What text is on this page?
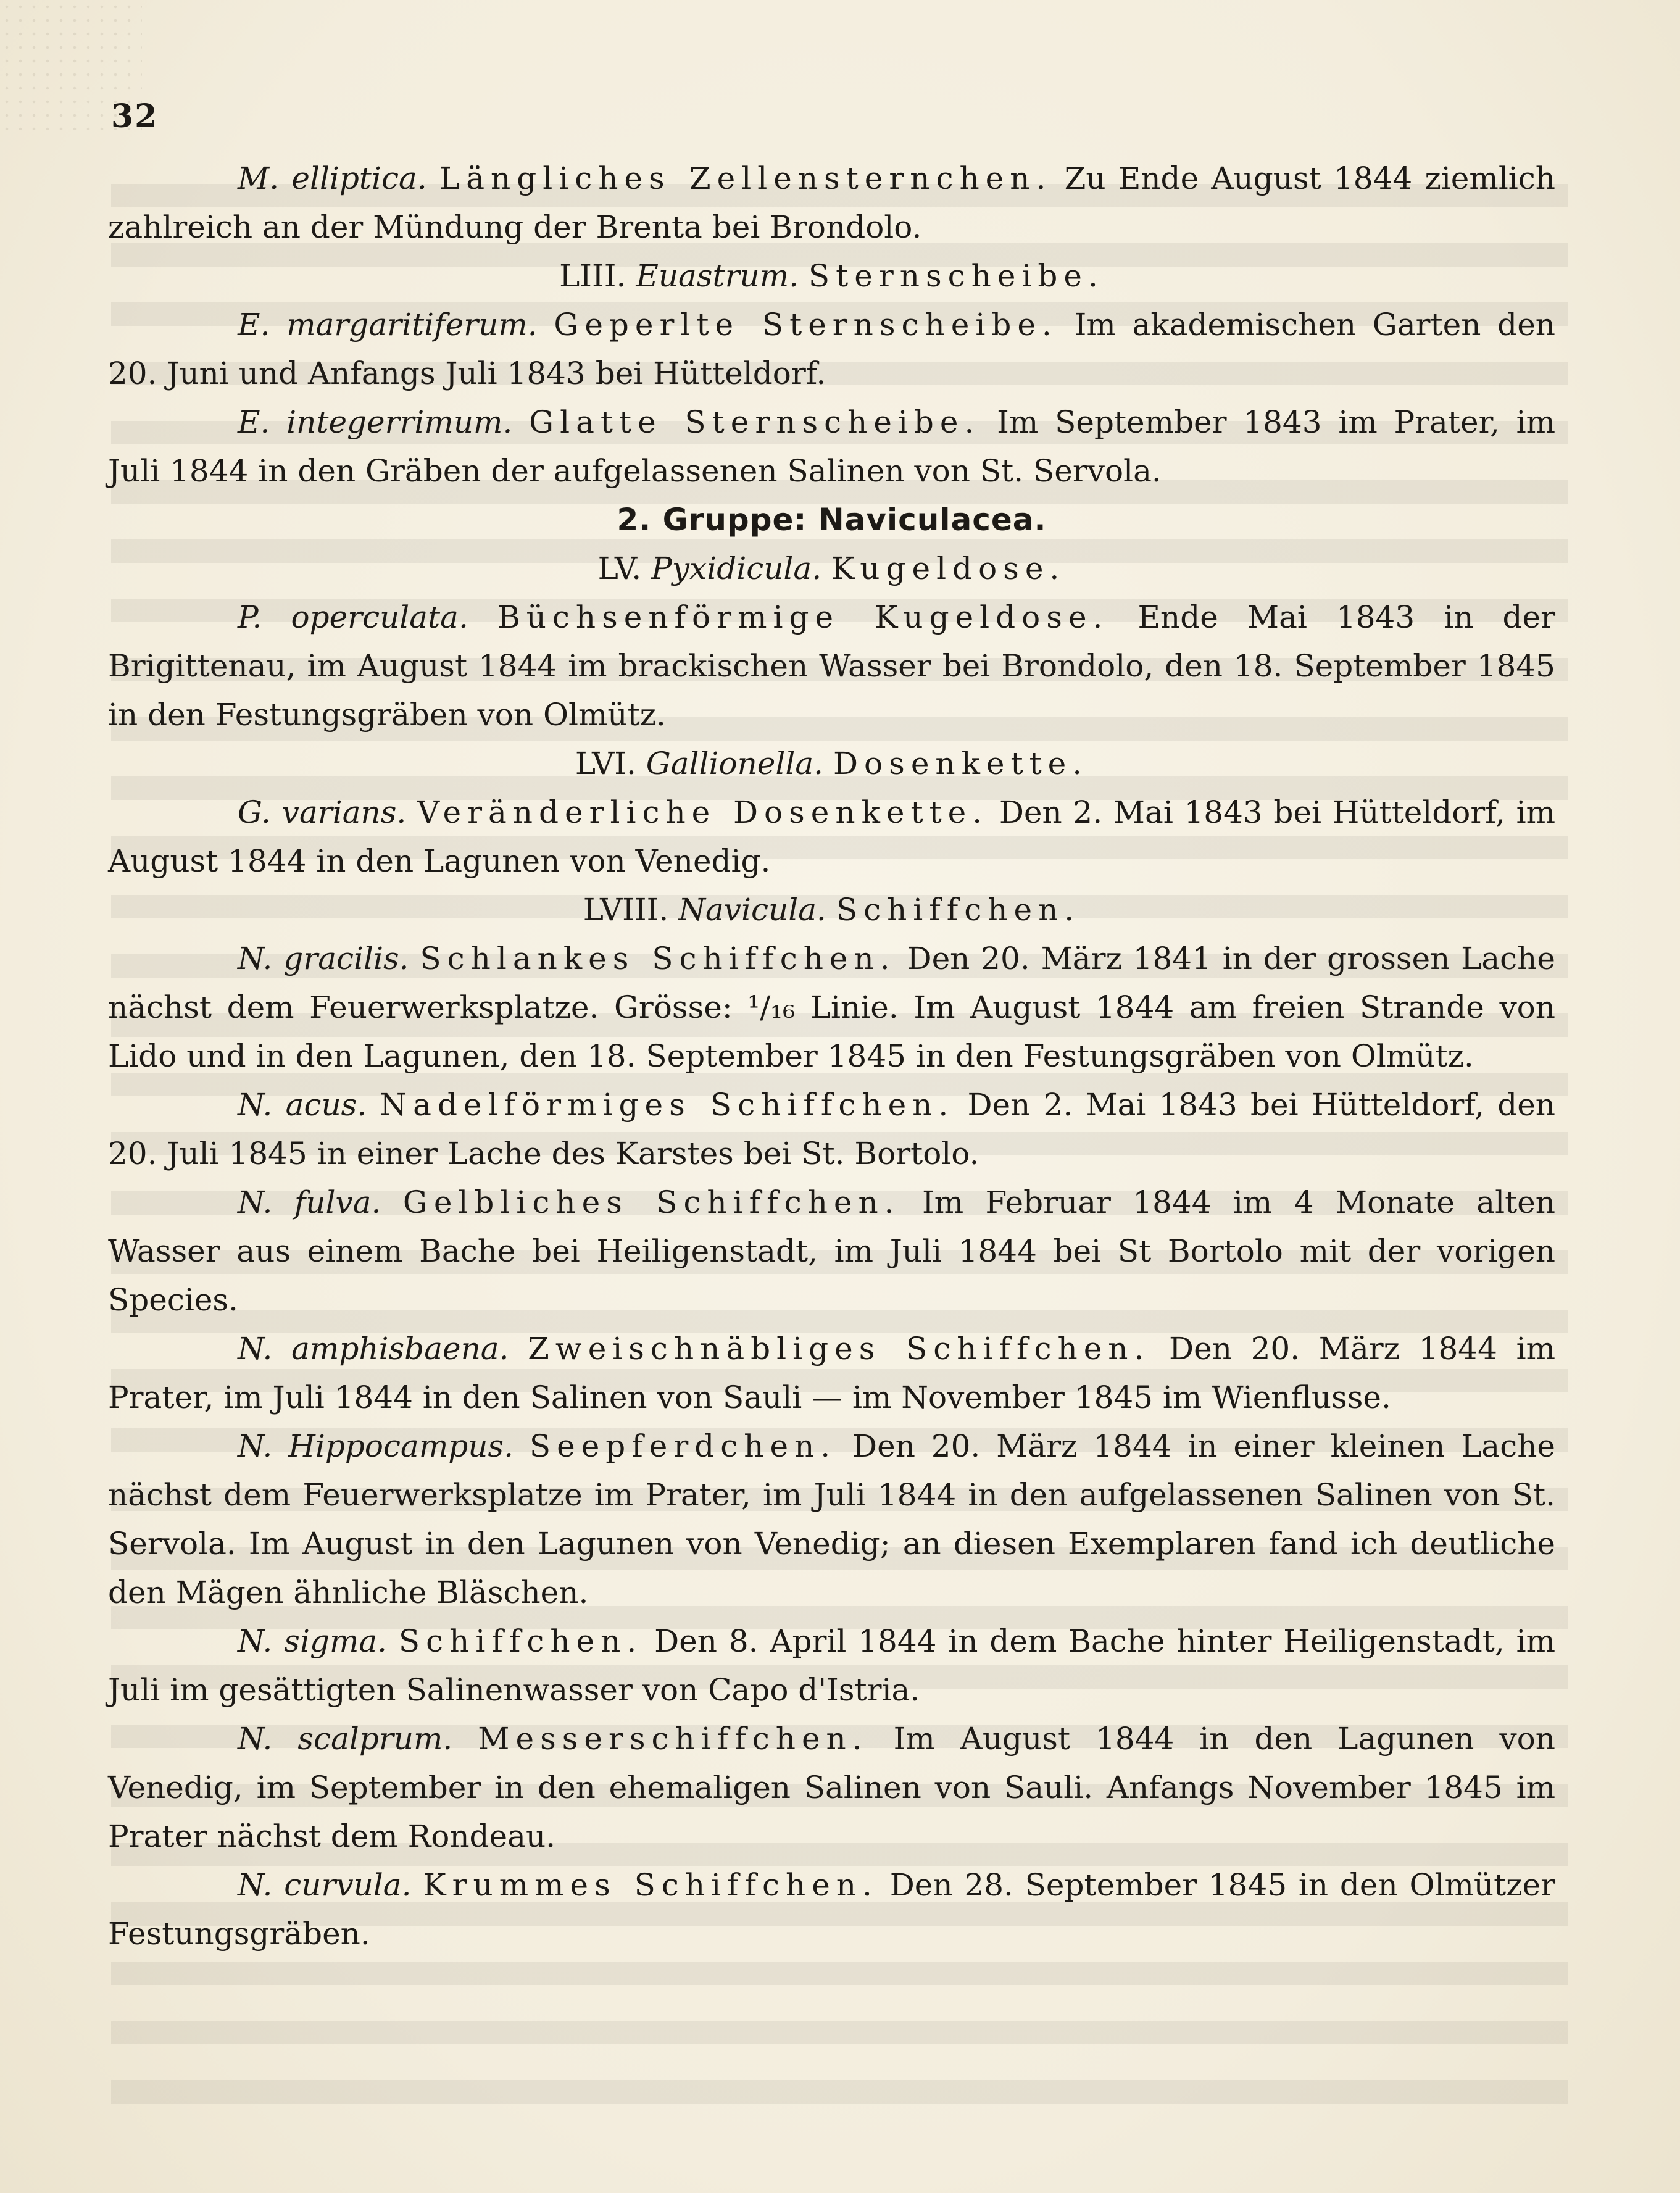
32

M. elliptica. Längliches Zellensternchen. Zu Ende August 1844 ziemlich zahlreich an der Mündung der Brenta bei Brondolo.

LIII. Euastrum. Sternscheibe.

E. margaritiferum. Geperlte Sternscheibe. Im akademischen Garten den 20. Juni und Anfangs Juli 1843 bei Hütteldorf.

E. integerrimum. Glatte Sternscheibe. Im September 1843 im Prater, im Juli 1844 in den Gräben der aufgelassenen Salinen von St. Servola.

2. Gruppe: Naviculacea.

LV. Pyxidicula. Kugeldose.

P. operculata. Büchsenförmige Kugeldose. Ende Mai 1843 in der Brigittenau, im August 1844 im brackischen Wasser bei Brondolo, den 18. September 1845 in den Festungsgräben von Olmütz.

LVI. Gallionella. Dosenkette.

G. varians. Veränderliche Dosenkette. Den 2. Mai 1843 bei Hütteldorf, im August 1844 in den Lagunen von Venedig.

LVIII. Navicula. Schiffchen.

N. gracilis. Schlankes Schiffchen. Den 20. März 1841 in der grossen Lache nächst dem Feuerwerksplatze. Grösse: ¹/₁₆ Linie. Im August 1844 am freien Strande von Lido und in den Lagunen, den 18. September 1845 in den Festungsgräben von Olmütz.

N. acus. Nadelförmiges Schiffchen. Den 2. Mai 1843 bei Hütteldorf, den 20. Juli 1845 in einer Lache des Karstes bei St. Bortolo.

N. fulva. Gelbliches Schiffchen. Im Februar 1844 im 4 Monate alten Wasser aus einem Bache bei Heiligenstadt, im Juli 1844 bei St Bortolo mit der vorigen Species.

N. amphisbaena. Zweischnäbliges Schiffchen. Den 20. März 1844 im Prater, im Juli 1844 in den Salinen von Sauli — im November 1845 im Wienflusse.

N. Hippocampus. Seepferdchen. Den 20. März 1844 in einer kleinen Lache nächst dem Feuerwerksplatze im Prater, im Juli 1844 in den aufgelassenen Salinen von St. Servola. Im August in den Lagunen von Venedig; an diesen Exemplaren fand ich deutliche den Mägen ähnliche Bläschen.

N. sigma. Schiffchen. Den 8. April 1844 in dem Bache hinter Heiligenstadt, im Juli im gesättigten Salinenwasser von Capo d'Istria.

N. scalprum. Messerschiffchen. Im August 1844 in den Lagunen von Venedig, im September in den ehemaligen Salinen von Sauli. Anfangs November 1845 im Prater nächst dem Rondeau.

N. curvula. Krummes Schiffchen. Den 28. September 1845 in den Olmützer Festungsgräben.
